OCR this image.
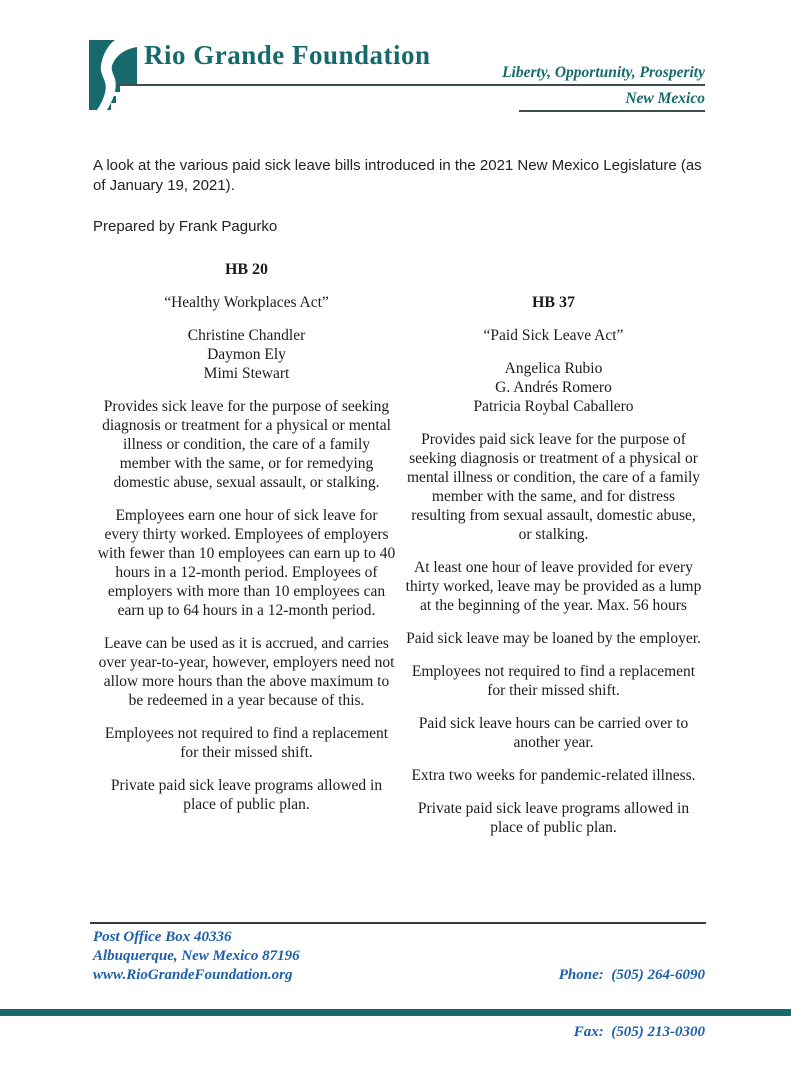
Rio Grande Foundation
Liberty, Opportunity, Prosperity
New Mexico

A look at the various paid sick leave bills introduced in the 2021 New Mexico Legislature (as of January 19, 2021).

Prepared by Frank Pagurko

HB 20
“Healthy Workplaces Act”
Christine Chandler
Daymon Ely
Mimi Stewart

Provides sick leave for the purpose of seeking diagnosis or treatment for a physical or mental illness or condition, the care of a family member with the same, or for remedying domestic abuse, sexual assault, or stalking.

Employees earn one hour of sick leave for every thirty worked. Employees of employers with fewer than 10 employees can earn up to 40 hours in a 12-month period. Employees of employers with more than 10 employees can earn up to 64 hours in a 12-month period.

Leave can be used as it is accrued, and carries over year-to-year, however, employers need not allow more hours than the above maximum to be redeemed in a year because of this.

Employees not required to find a replacement for their missed shift.

Private paid sick leave programs allowed in place of public plan.

HB 37
“Paid Sick Leave Act”
Angelica Rubio
G. Andrés Romero
Patricia Roybal Caballero

Provides paid sick leave for the purpose of seeking diagnosis or treatment of a physical or mental illness or condition, the care of a family member with the same, and for distress resulting from sexual assault, domestic abuse, or stalking.

At least one hour of leave provided for every thirty worked, leave may be provided as a lump at the beginning of the year. Max. 56 hours

Paid sick leave may be loaned by the employer.

Employees not required to find a replacement for their missed shift.

Paid sick leave hours can be carried over to another year.

Extra two weeks for pandemic-related illness.

Private paid sick leave programs allowed in place of public plan.

Post Office Box 40336
Albuquerque, New Mexico 87196
www.RioGrandeFoundation.org

	Phone:  (505) 264-6090

Fax:  (505) 213-0300
